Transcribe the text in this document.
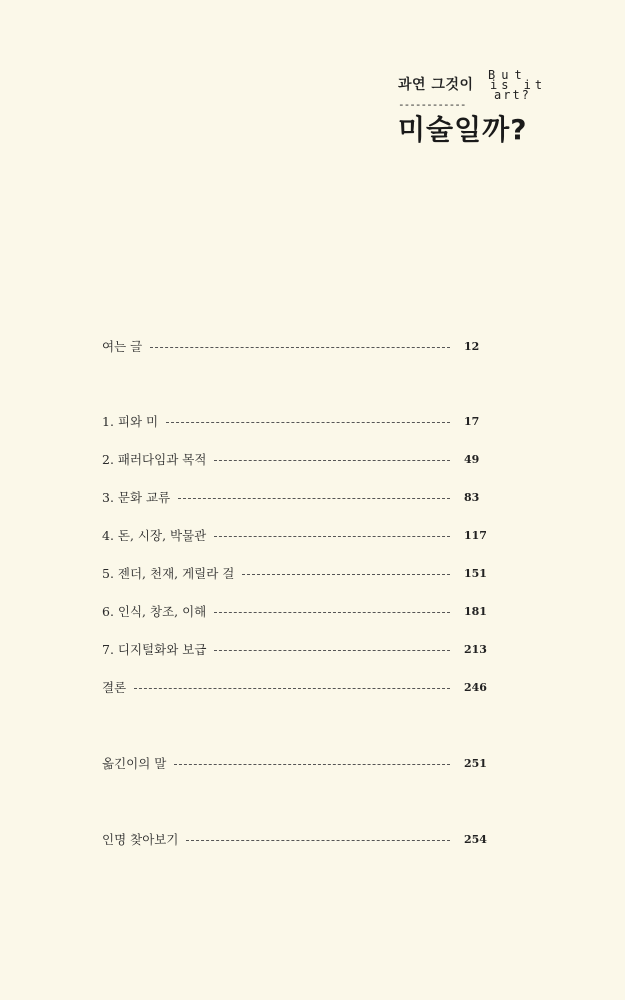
과연 그것이
But
is it
art?
------------
미술일까?
여는 글	12
1. 피와 미	17
2. 패러다임과 목적	49
3. 문화 교류	83
4. 돈, 시장, 박물관	117
5. 젠더, 천재, 게릴라 걸	151
6. 인식, 창조, 이해	181
7. 디지털화와 보급	213
결론	246
옮긴이의 말	251
인명 찾아보기	254
